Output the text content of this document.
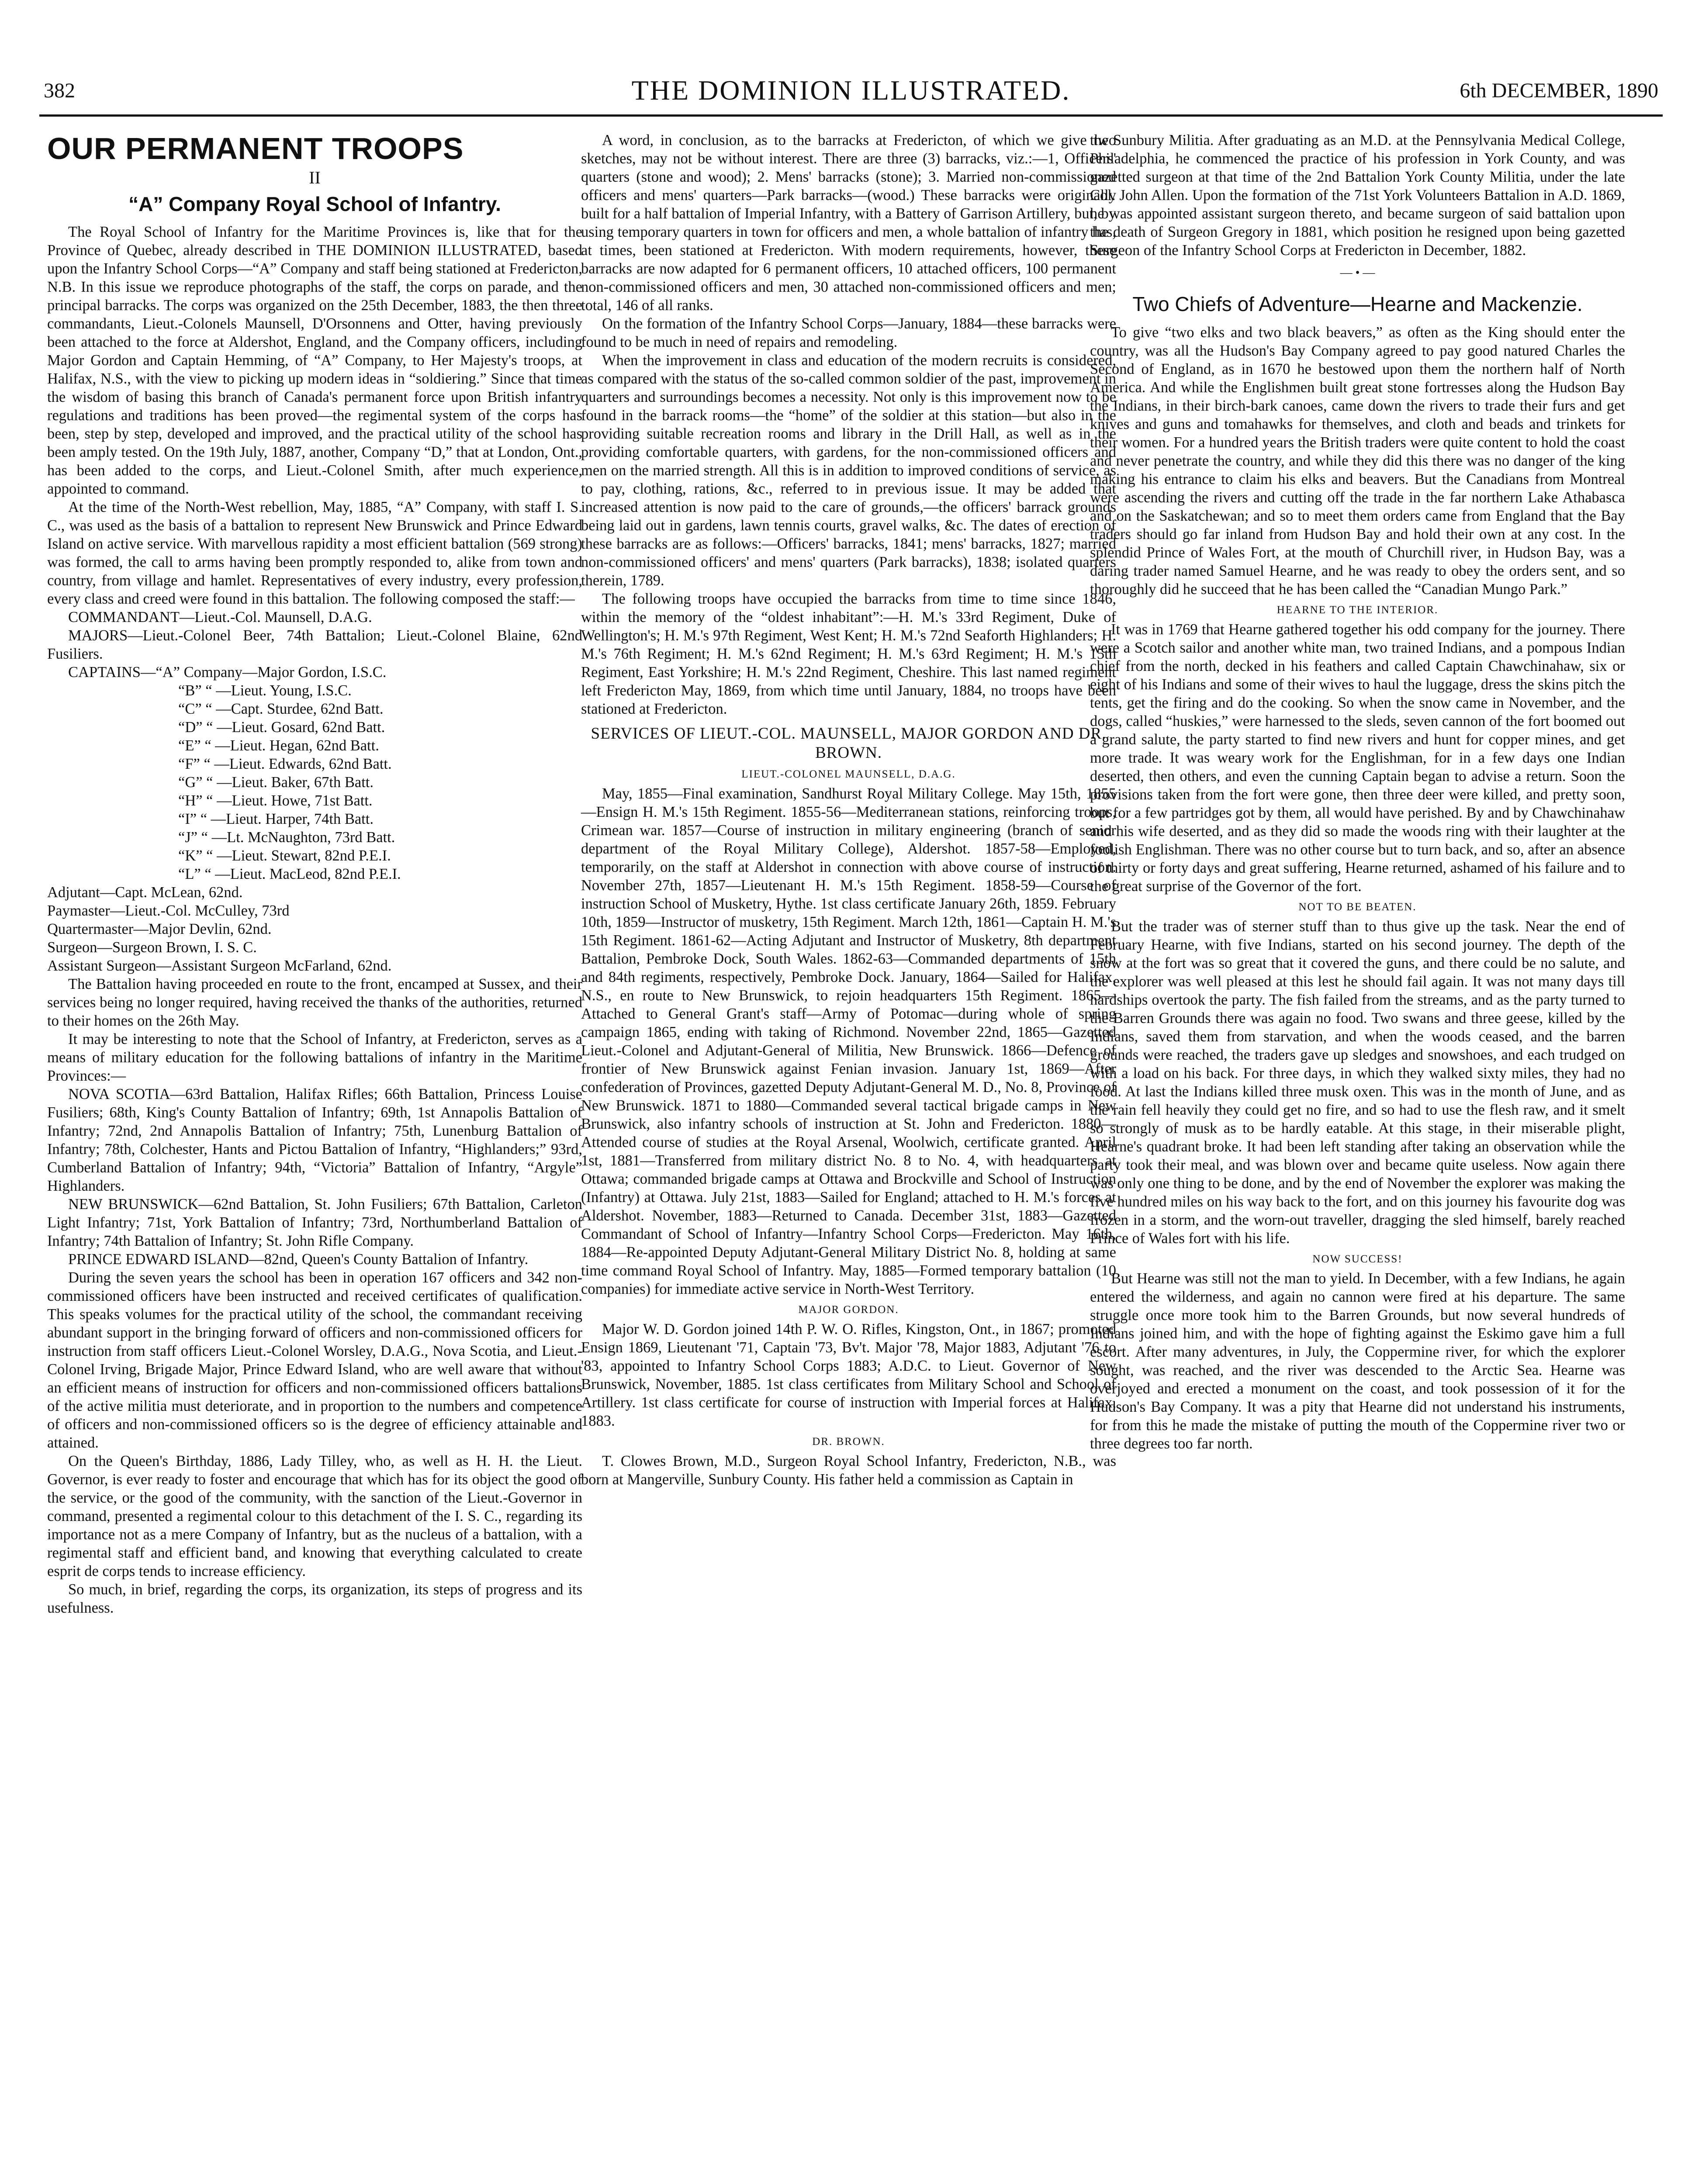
382	THE DOMINION ILLUSTRATED.	6th DECEMBER, 1890
OUR PERMANENT TROOPS
II
“A” Company Royal School of Infantry.

The Royal School of Infantry for the Maritime Provinces is, like that for the Province of Quebec, already described in THE DOMINION ILLUSTRATED, based upon the Infantry School Corps—“A” Company and staff being stationed at Fredericton, N.B. In this issue we reproduce photographs of the staff, the corps on parade, and the principal barracks. The corps was organized on the 25th December, 1883, the then three commandants, Lieut.-Colonels Maunsell, D'Orsonnens and Otter, having previously been attached to the force at Aldershot, England, and the Company officers, including Major Gordon and Captain Hemming, of “A” Company, to Her Majesty's troops, at Halifax, N.S., with the view to picking up modern ideas in “soldiering.” Since that time the wisdom of basing this branch of Canada's permanent force upon British infantry regulations and traditions has been proved—the regimental system of the corps has been, step by step, developed and improved, and the practical utility of the school has been amply tested. On the 19th July, 1887, another, Company “D,” that at London, Ont., has been added to the corps, and Lieut.-Colonel Smith, after much experience, appointed to command.

At the time of the North-West rebellion, May, 1885, “A” Company, with staff I. S. C., was used as the basis of a battalion to represent New Brunswick and Prince Edward Island on active service. With marvellous rapidity a most efficient battalion (569 strong) was formed, the call to arms having been promptly responded to, alike from town and country, from village and hamlet. Representatives of every industry, every profession, every class and creed were found in this battalion. The following composed the staff:—

COMMANDANT—Lieut.-Col. Maunsell, D.A.G.

MAJORS—Lieut.-Colonel Beer, 74th Battalion; Lieut.-Colonel Blaine, 62nd Fusiliers.

CAPTAINS—“A” Company—Major Gordon, I.S.C.

“B” “ —Lieut. Young, I.S.C.

“C” “ —Capt. Sturdee, 62nd Batt.

“D” “ —Lieut. Gosard, 62nd Batt.

“E” “ —Lieut. Hegan, 62nd Batt.

“F” “ —Lieut. Edwards, 62nd Batt.

“G” “ —Lieut. Baker, 67th Batt.

“H” “ —Lieut. Howe, 71st Batt.

“I” “ —Lieut. Harper, 74th Batt.

“J” “ —Lt. McNaughton, 73rd Batt.

“K” “ —Lieut. Stewart, 82nd P.E.I.

“L” “ —Lieut. MacLeod, 82nd P.E.I.

Adjutant—Capt. McLean, 62nd.

Paymaster—Lieut.-Col. McCulley, 73rd

Quartermaster—Major Devlin, 62nd.

Surgeon—Surgeon Brown, I. S. C.

Assistant Surgeon—Assistant Surgeon McFarland, 62nd.

The Battalion having proceeded en route to the front, encamped at Sussex, and their services being no longer required, having received the thanks of the authorities, returned to their homes on the 26th May.

It may be interesting to note that the School of Infantry, at Fredericton, serves as a means of military education for the following battalions of infantry in the Maritime Provinces:—

NOVA SCOTIA—63rd Battalion, Halifax Rifles; 66th Battalion, Princess Louise Fusiliers; 68th, King's County Battalion of Infantry; 69th, 1st Annapolis Battalion of Infantry; 72nd, 2nd Annapolis Battalion of Infantry; 75th, Lunenburg Battalion of Infantry; 78th, Colchester, Hants and Pictou Battalion of Infantry, “Highlanders;” 93rd, Cumberland Battalion of Infantry; 94th, “Victoria” Battalion of Infantry, “Argyle” Highlanders.

NEW BRUNSWICK—62nd Battalion, St. John Fusiliers; 67th Battalion, Carleton Light Infantry; 71st, York Battalion of Infantry; 73rd, Northumberland Battalion of Infantry; 74th Battalion of Infantry; St. John Rifle Company.

PRINCE EDWARD ISLAND—82nd, Queen's County Battalion of Infantry.

During the seven years the school has been in operation 167 officers and 342 non-commissioned officers have been instructed and received certificates of qualification. This speaks volumes for the practical utility of the school, the commandant receiving abundant support in the bringing forward of officers and non-commissioned officers for instruction from staff officers Lieut.-Colonel Worsley, D.A.G., Nova Scotia, and Lieut.-Colonel Irving, Brigade Major, Prince Edward Island, who are well aware that without an efficient means of instruction for officers and non-commissioned officers battalions of the active militia must deteriorate, and in proportion to the numbers and competence of officers and non-commissioned officers so is the degree of efficiency attainable and attained.

On the Queen's Birthday, 1886, Lady Tilley, who, as well as H. H. the Lieut. Governor, is ever ready to foster and encourage that which has for its object the good of the service, or the good of the community, with the sanction of the Lieut.-Governor in command, presented a regimental colour to this detachment of the I. S. C., regarding its importance not as a mere Company of Infantry, but as the nucleus of a battalion, with a regimental staff and efficient band, and knowing that everything calculated to create esprit de corps tends to increase efficiency.

So much, in brief, regarding the corps, its organization, its steps of progress and its usefulness.

A word, in conclusion, as to the barracks at Fredericton, of which we give two sketches, may not be without interest. There are three (3) barracks, viz.:—1, Officers' quarters (stone and wood); 2. Mens' barracks (stone); 3. Married non-commissioned officers and mens' quarters—Park barracks—(wood.) These barracks were originally built for a half battalion of Imperial Infantry, with a Battery of Garrison Artillery, but, by using temporary quarters in town for officers and men, a whole battalion of infantry has, at times, been stationed at Fredericton. With modern requirements, however, these barracks are now adapted for 6 permanent officers, 10 attached officers, 100 permanent non-commissioned officers and men, 30 attached non-commissioned officers and men; total, 146 of all ranks.

On the formation of the Infantry School Corps—January, 1884—these barracks were found to be much in need of repairs and remodeling.

When the improvement in class and education of the modern recruits is considered, as compared with the status of the so-called common soldier of the past, improvement in quarters and surroundings becomes a necessity. Not only is this improvement now to be found in the barrack rooms—the “home” of the soldier at this station—but also in the providing suitable recreation rooms and library in the Drill Hall, as well as in the providing comfortable quarters, with gardens, for the non-commissioned officers and men on the married strength. All this is in addition to improved conditions of service, as to pay, clothing, rations, &c., referred to in previous issue. It may be added that increased attention is now paid to the care of grounds,—the officers' barrack grounds being laid out in gardens, lawn tennis courts, gravel walks, &c. The dates of erection of these barracks are as follows:—Officers' barracks, 1841; mens' barracks, 1827; married non-commissioned officers' and mens' quarters (Park barracks), 1838; isolated quarters therein, 1789.

The following troops have occupied the barracks from time to time since 1846, within the memory of the “oldest inhabitant”:—H. M.'s 33rd Regiment, Duke of Wellington's; H. M.'s 97th Regiment, West Kent; H. M.'s 72nd Seaforth Highlanders; H. M.'s 76th Regiment; H. M.'s 62nd Regiment; H. M.'s 63rd Regiment; H. M.'s 15th Regiment, East Yorkshire; H. M.'s 22nd Regiment, Cheshire. This last named regiment left Fredericton May, 1869, from which time until January, 1884, no troops have been stationed at Fredericton.

SERVICES OF LIEUT.-COL. MAUNSELL, MAJOR GORDON AND DR. BROWN.
LIEUT.-COLONEL MAUNSELL, D.A.G.

May, 1855—Final examination, Sandhurst Royal Military College. May 15th, 1855—Ensign H. M.'s 15th Regiment. 1855-56—Mediterranean stations, reinforcing troops, Crimean war. 1857—Course of instruction in military engineering (branch of senior department of the Royal Military College), Aldershot. 1857-58—Employed, temporarily, on the staff at Aldershot in connection with above course of instruction. November 27th, 1857—Lieutenant H. M.'s 15th Regiment. 1858-59—Course of instruction School of Musketry, Hythe. 1st class certificate January 26th, 1859. February 10th, 1859—Instructor of musketry, 15th Regiment. March 12th, 1861—Captain H. M.'s 15th Regiment. 1861-62—Acting Adjutant and Instructor of Musketry, 8th department Battalion, Pembroke Dock, South Wales. 1862-63—Commanded departments of 15th and 84th regiments, respectively, Pembroke Dock. January, 1864—Sailed for Halifax, N.S., en route to New Brunswick, to rejoin headquarters 15th Regiment. 1865—Attached to General Grant's staff—Army of Potomac—during whole of spring campaign 1865, ending with taking of Richmond. November 22nd, 1865—Gazetted Lieut.-Colonel and Adjutant-General of Militia, New Brunswick. 1866—Defence of frontier of New Brunswick against Fenian invasion. January 1st, 1869—After confederation of Provinces, gazetted Deputy Adjutant-General M. D., No. 8, Province of New Brunswick. 1871 to 1880—Commanded several tactical brigade camps in New Brunswick, also infantry schools of instruction at St. John and Fredericton. 1880—Attended course of studies at the Royal Arsenal, Woolwich, certificate granted. April 1st, 1881—Transferred from military district No. 8 to No. 4, with headquarters at Ottawa; commanded brigade camps at Ottawa and Brockville and School of Instruction (Infantry) at Ottawa. July 21st, 1883—Sailed for England; attached to H. M.'s forces at Aldershot. November, 1883—Returned to Canada. December 31st, 1883—Gazetted Commandant of School of Infantry—Infantry School Corps—Fredericton. May 16th, 1884—Re-appointed Deputy Adjutant-General Military District No. 8, holding at same time command Royal School of Infantry. May, 1885—Formed temporary battalion (10 companies) for immediate active service in North-West Territory.

MAJOR GORDON.

Major W. D. Gordon joined 14th P. W. O. Rifles, Kingston, Ont., in 1867; promoted Ensign 1869, Lieutenant '71, Captain '73, Bv't. Major '78, Major 1883, Adjutant '76 to '83, appointed to Infantry School Corps 1883; A.D.C. to Lieut. Governor of New Brunswick, November, 1885. 1st class certificates from Military School and School of Artillery. 1st class certificate for course of instruction with Imperial forces at Halifax, 1883.

DR. BROWN.

T. Clowes Brown, M.D., Surgeon Royal School Infantry, Fredericton, N.B., was born at Mangerville, Sunbury County. His father held a commission as Captain in

the Sunbury Militia. After graduating as an M.D. at the Pennsylvania Medical College, Philadelphia, he commenced the practice of his profession in York County, and was gazetted surgeon at that time of the 2nd Battalion York County Militia, under the late Col. John Allen. Upon the formation of the 71st York Volunteers Battalion in A.D. 1869, he was appointed assistant surgeon thereto, and became surgeon of said battalion upon the death of Surgeon Gregory in 1881, which position he resigned upon being gazetted Surgeon of the Infantry School Corps at Fredericton in December, 1882.

— • —
Two Chiefs of Adventure—Hearne and Mackenzie.

To give “two elks and two black beavers,” as often as the King should enter the country, was all the Hudson's Bay Company agreed to pay good natured Charles the Second of England, as in 1670 he bestowed upon them the northern half of North America. And while the Englishmen built great stone fortresses along the Hudson Bay the Indians, in their birch-bark canoes, came down the rivers to trade their furs and get knives and guns and tomahawks for themselves, and cloth and beads and trinkets for their women. For a hundred years the British traders were quite content to hold the coast and never penetrate the country, and while they did this there was no danger of the king making his entrance to claim his elks and beavers. But the Canadians from Montreal were ascending the rivers and cutting off the trade in the far northern Lake Athabasca and on the Saskatchewan; and so to meet them orders came from England that the Bay traders should go far inland from Hudson Bay and hold their own at any cost. In the splendid Prince of Wales Fort, at the mouth of Churchill river, in Hudson Bay, was a daring trader named Samuel Hearne, and he was ready to obey the orders sent, and so thoroughly did he succeed that he has been called the “Canadian Mungo Park.”

HEARNE TO THE INTERIOR.

It was in 1769 that Hearne gathered together his odd company for the journey. There were a Scotch sailor and another white man, two trained Indians, and a pompous Indian chief from the north, decked in his feathers and called Captain Chawchinahaw, six or eight of his Indians and some of their wives to haul the luggage, dress the skins pitch the tents, get the firing and do the cooking. So when the snow came in November, and the dogs, called “huskies,” were harnessed to the sleds, seven cannon of the fort boomed out a grand salute, the party started to find new rivers and hunt for copper mines, and get more trade. It was weary work for the Englishman, for in a few days one Indian deserted, then others, and even the cunning Captain began to advise a return. Soon the provisions taken from the fort were gone, then three deer were killed, and pretty soon, but for a few partridges got by them, all would have perished. By and by Chawchinahaw and his wife deserted, and as they did so made the woods ring with their laughter at the foolish Englishman. There was no other course but to turn back, and so, after an absence of thirty or forty days and great suffering, Hearne returned, ashamed of his failure and to the great surprise of the Governor of the fort.

NOT TO BE BEATEN.

But the trader was of sterner stuff than to thus give up the task. Near the end of February Hearne, with five Indians, started on his second journey. The depth of the snow at the fort was so great that it covered the guns, and there could be no salute, and the explorer was well pleased at this lest he should fail again. It was not many days till hardships overtook the party. The fish failed from the streams, and as the party turned to the Barren Grounds there was again no food. Two swans and three geese, killed by the Indians, saved them from starvation, and when the woods ceased, and the barren grounds were reached, the traders gave up sledges and snowshoes, and each trudged on with a load on his back. For three days, in which they walked sixty miles, they had no food. At last the Indians killed three musk oxen. This was in the month of June, and as the rain fell heavily they could get no fire, and so had to use the flesh raw, and it smelt so strongly of musk as to be hardly eatable. At this stage, in their miserable plight, Hearne's quadrant broke. It had been left standing after taking an observation while the party took their meal, and was blown over and became quite useless. Now again there was only one thing to be done, and by the end of November the explorer was making the five hundred miles on his way back to the fort, and on this journey his favourite dog was frozen in a storm, and the worn-out traveller, dragging the sled himself, barely reached Prince of Wales fort with his life.

NOW SUCCESS!

But Hearne was still not the man to yield. In December, with a few Indians, he again entered the wilderness, and again no cannon were fired at his departure. The same struggle once more took him to the Barren Grounds, but now several hundreds of Indians joined him, and with the hope of fighting against the Eskimo gave him a full escort. After many adventures, in July, the Coppermine river, for which the explorer sought, was reached, and the river was descended to the Arctic Sea. Hearne was overjoyed and erected a monument on the coast, and took possession of it for the Hudson's Bay Company. It was a pity that Hearne did not understand his instruments, for from this he made the mistake of putting the mouth of the Coppermine river two or three degrees too far north.
